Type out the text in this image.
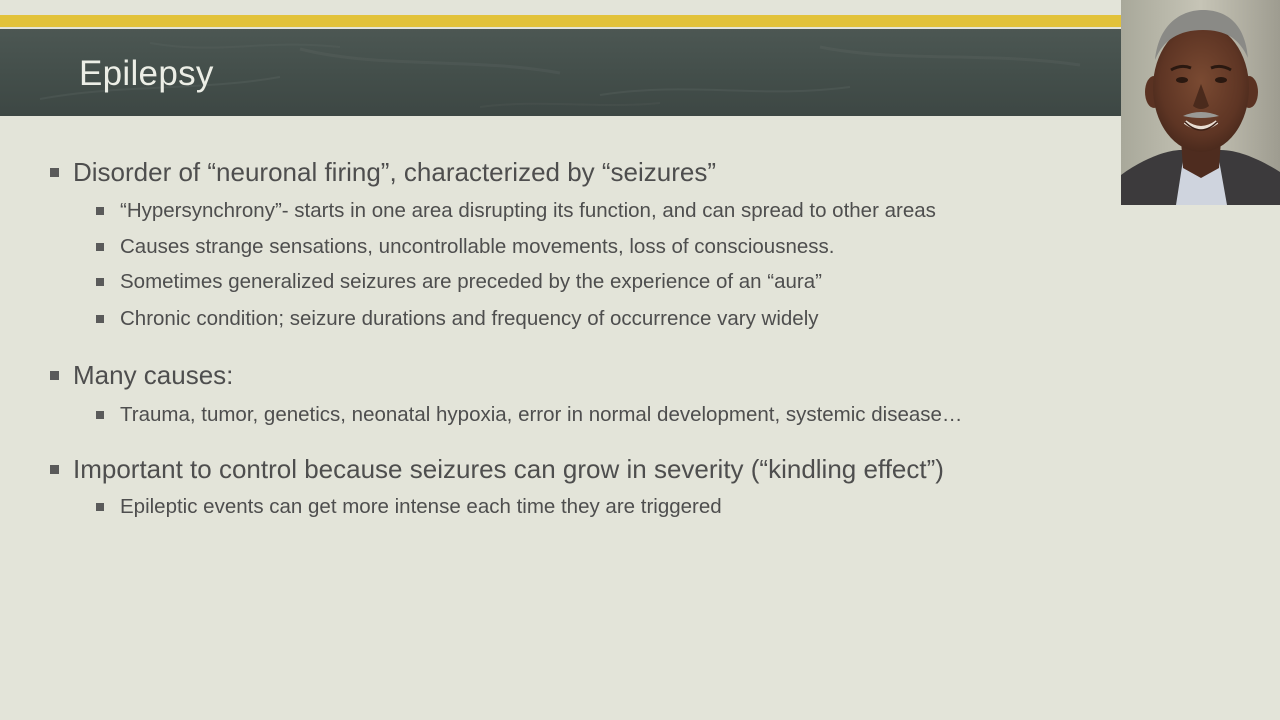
Epilepsy
Disorder of “neuronal firing”, characterized by “seizures”
“Hypersynchrony”- starts in one area disrupting its function, and can spread to other areas
Causes strange sensations, uncontrollable movements, loss of consciousness.
Sometimes generalized seizures are preceded by the experience of an “aura”
Chronic condition; seizure durations and frequency of occurrence vary widely
Many causes:
Trauma, tumor, genetics, neonatal hypoxia, error in normal development, systemic disease…
Important to control because seizures can grow in severity (“kindling effect”)
Epileptic events can get more intense each time they are triggered
